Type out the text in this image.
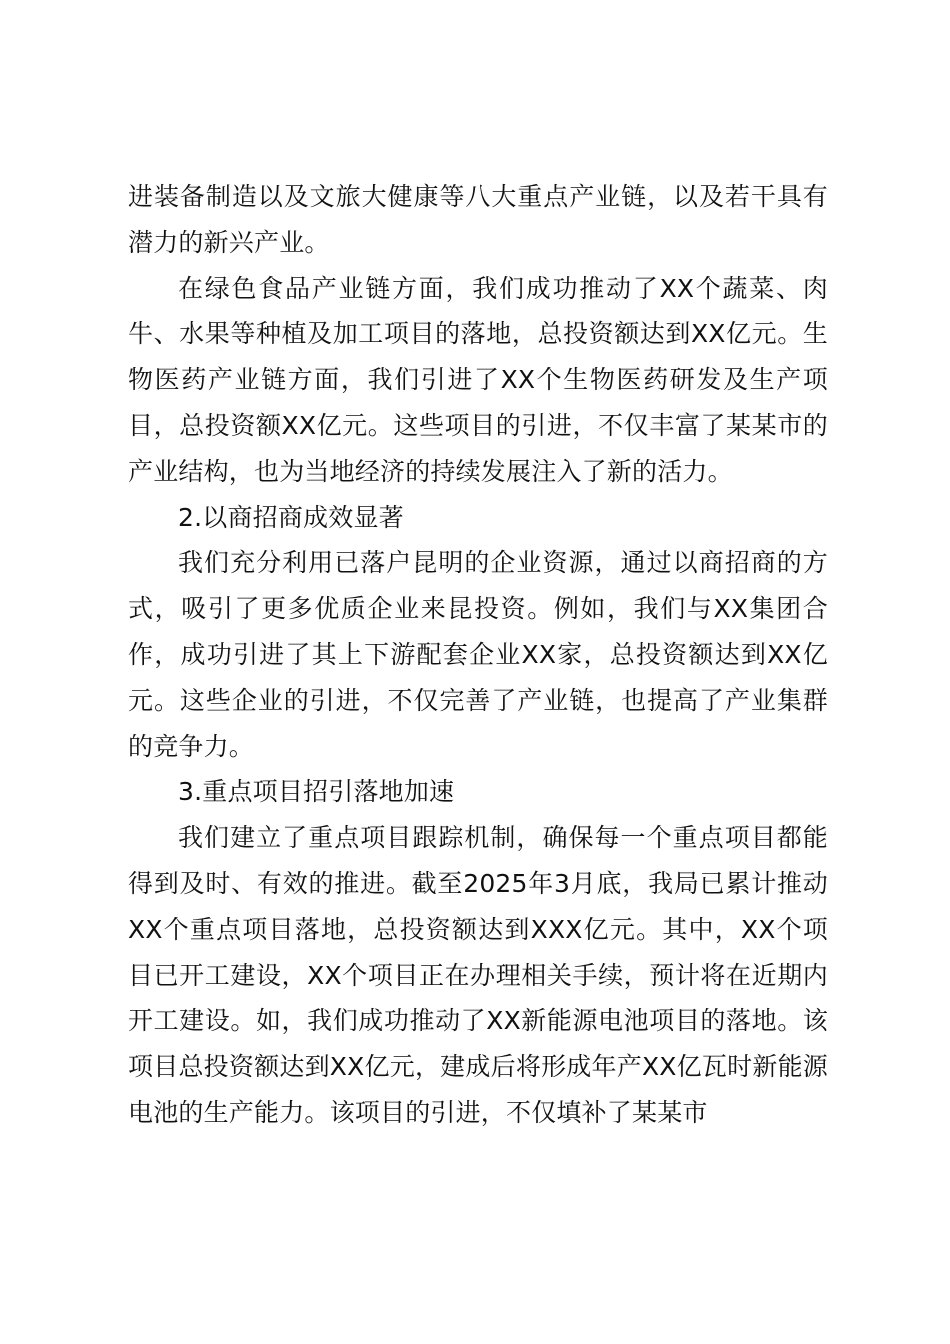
进装备制造以及文旅大健康等八大重点产业链，以及若干具有潜力的新兴产业。

在绿色食品产业链方面，我们成功推动了XX个蔬菜、肉牛、水果等种植及加工项目的落地，总投资额达到XX亿元。生物医药产业链方面，我们引进了XX个生物医药研发及生产项目，总投资额XX亿元。这些项目的引进，不仅丰富了某某市的产业结构，也为当地经济的持续发展注入了新的活力。

2.以商招商成效显著

我们充分利用已落户昆明的企业资源，通过以商招商的方式，吸引了更多优质企业来昆投资。例如，我们与XX集团合作，成功引进了其上下游配套企业XX家，总投资额达到XX亿元。这些企业的引进，不仅完善了产业链，也提高了产业集群的竞争力。

3.重点项目招引落地加速

我们建立了重点项目跟踪机制，确保每一个重点项目都能得到及时、有效的推进。截至2025年3月底，我局已累计推动XX个重点项目落地，总投资额达到XXX亿元。其中，XX个项目已开工建设，XX个项目正在办理相关手续，预计将在近期内开工建设。如，我们成功推动了XX新能源电池项目的落地。该项目总投资额达到XX亿元，建成后将形成年产XX亿瓦时新能源电池的生产能力。该项目的引进，不仅填补了某某市
